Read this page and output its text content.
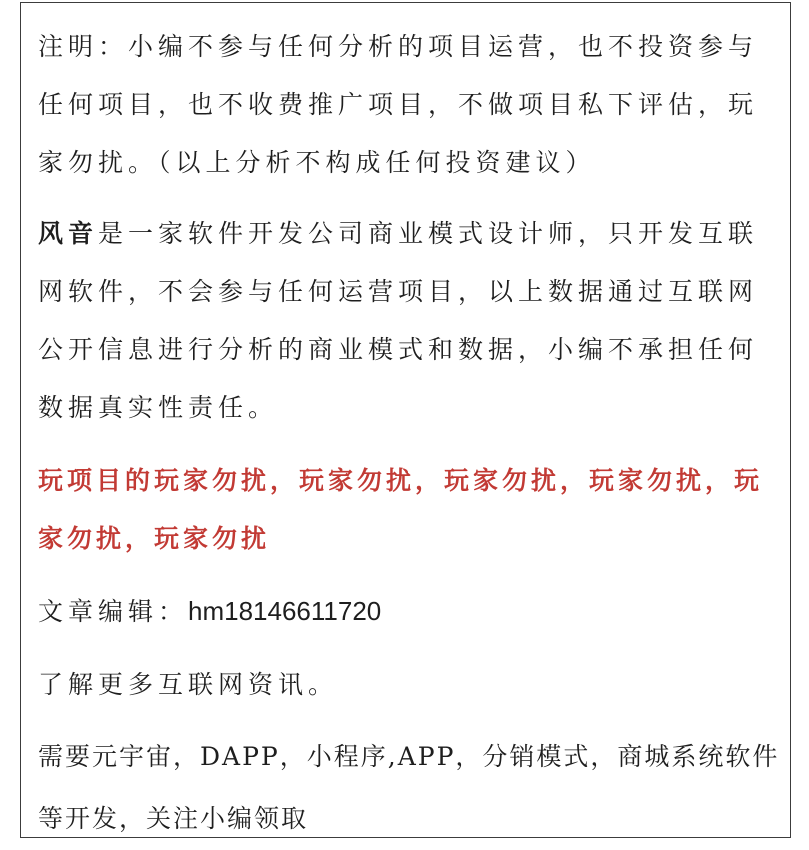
注明：小编不参与任何分析的项目运营，也不投资参与任何项目，也不收费推广项目，不做项目私下评估，玩家勿扰。（以上分析不构成任何投资建议）

风音是一家软件开发公司商业模式设计师，只开发互联网软件，不会参与任何运营项目，以上数据通过互联网公开信息进行分析的商业模式和数据，小编不承担任何数据真实性责任。

玩项目的玩家勿扰，玩家勿扰，玩家勿扰，玩家勿扰，玩家勿扰，玩家勿扰

文章编辑：hm18146611720

了解更多互联网资讯。

需要元宇宙，DAPP，小程序,APP，分销模式，商城系统软件等开发，关注小编领取
